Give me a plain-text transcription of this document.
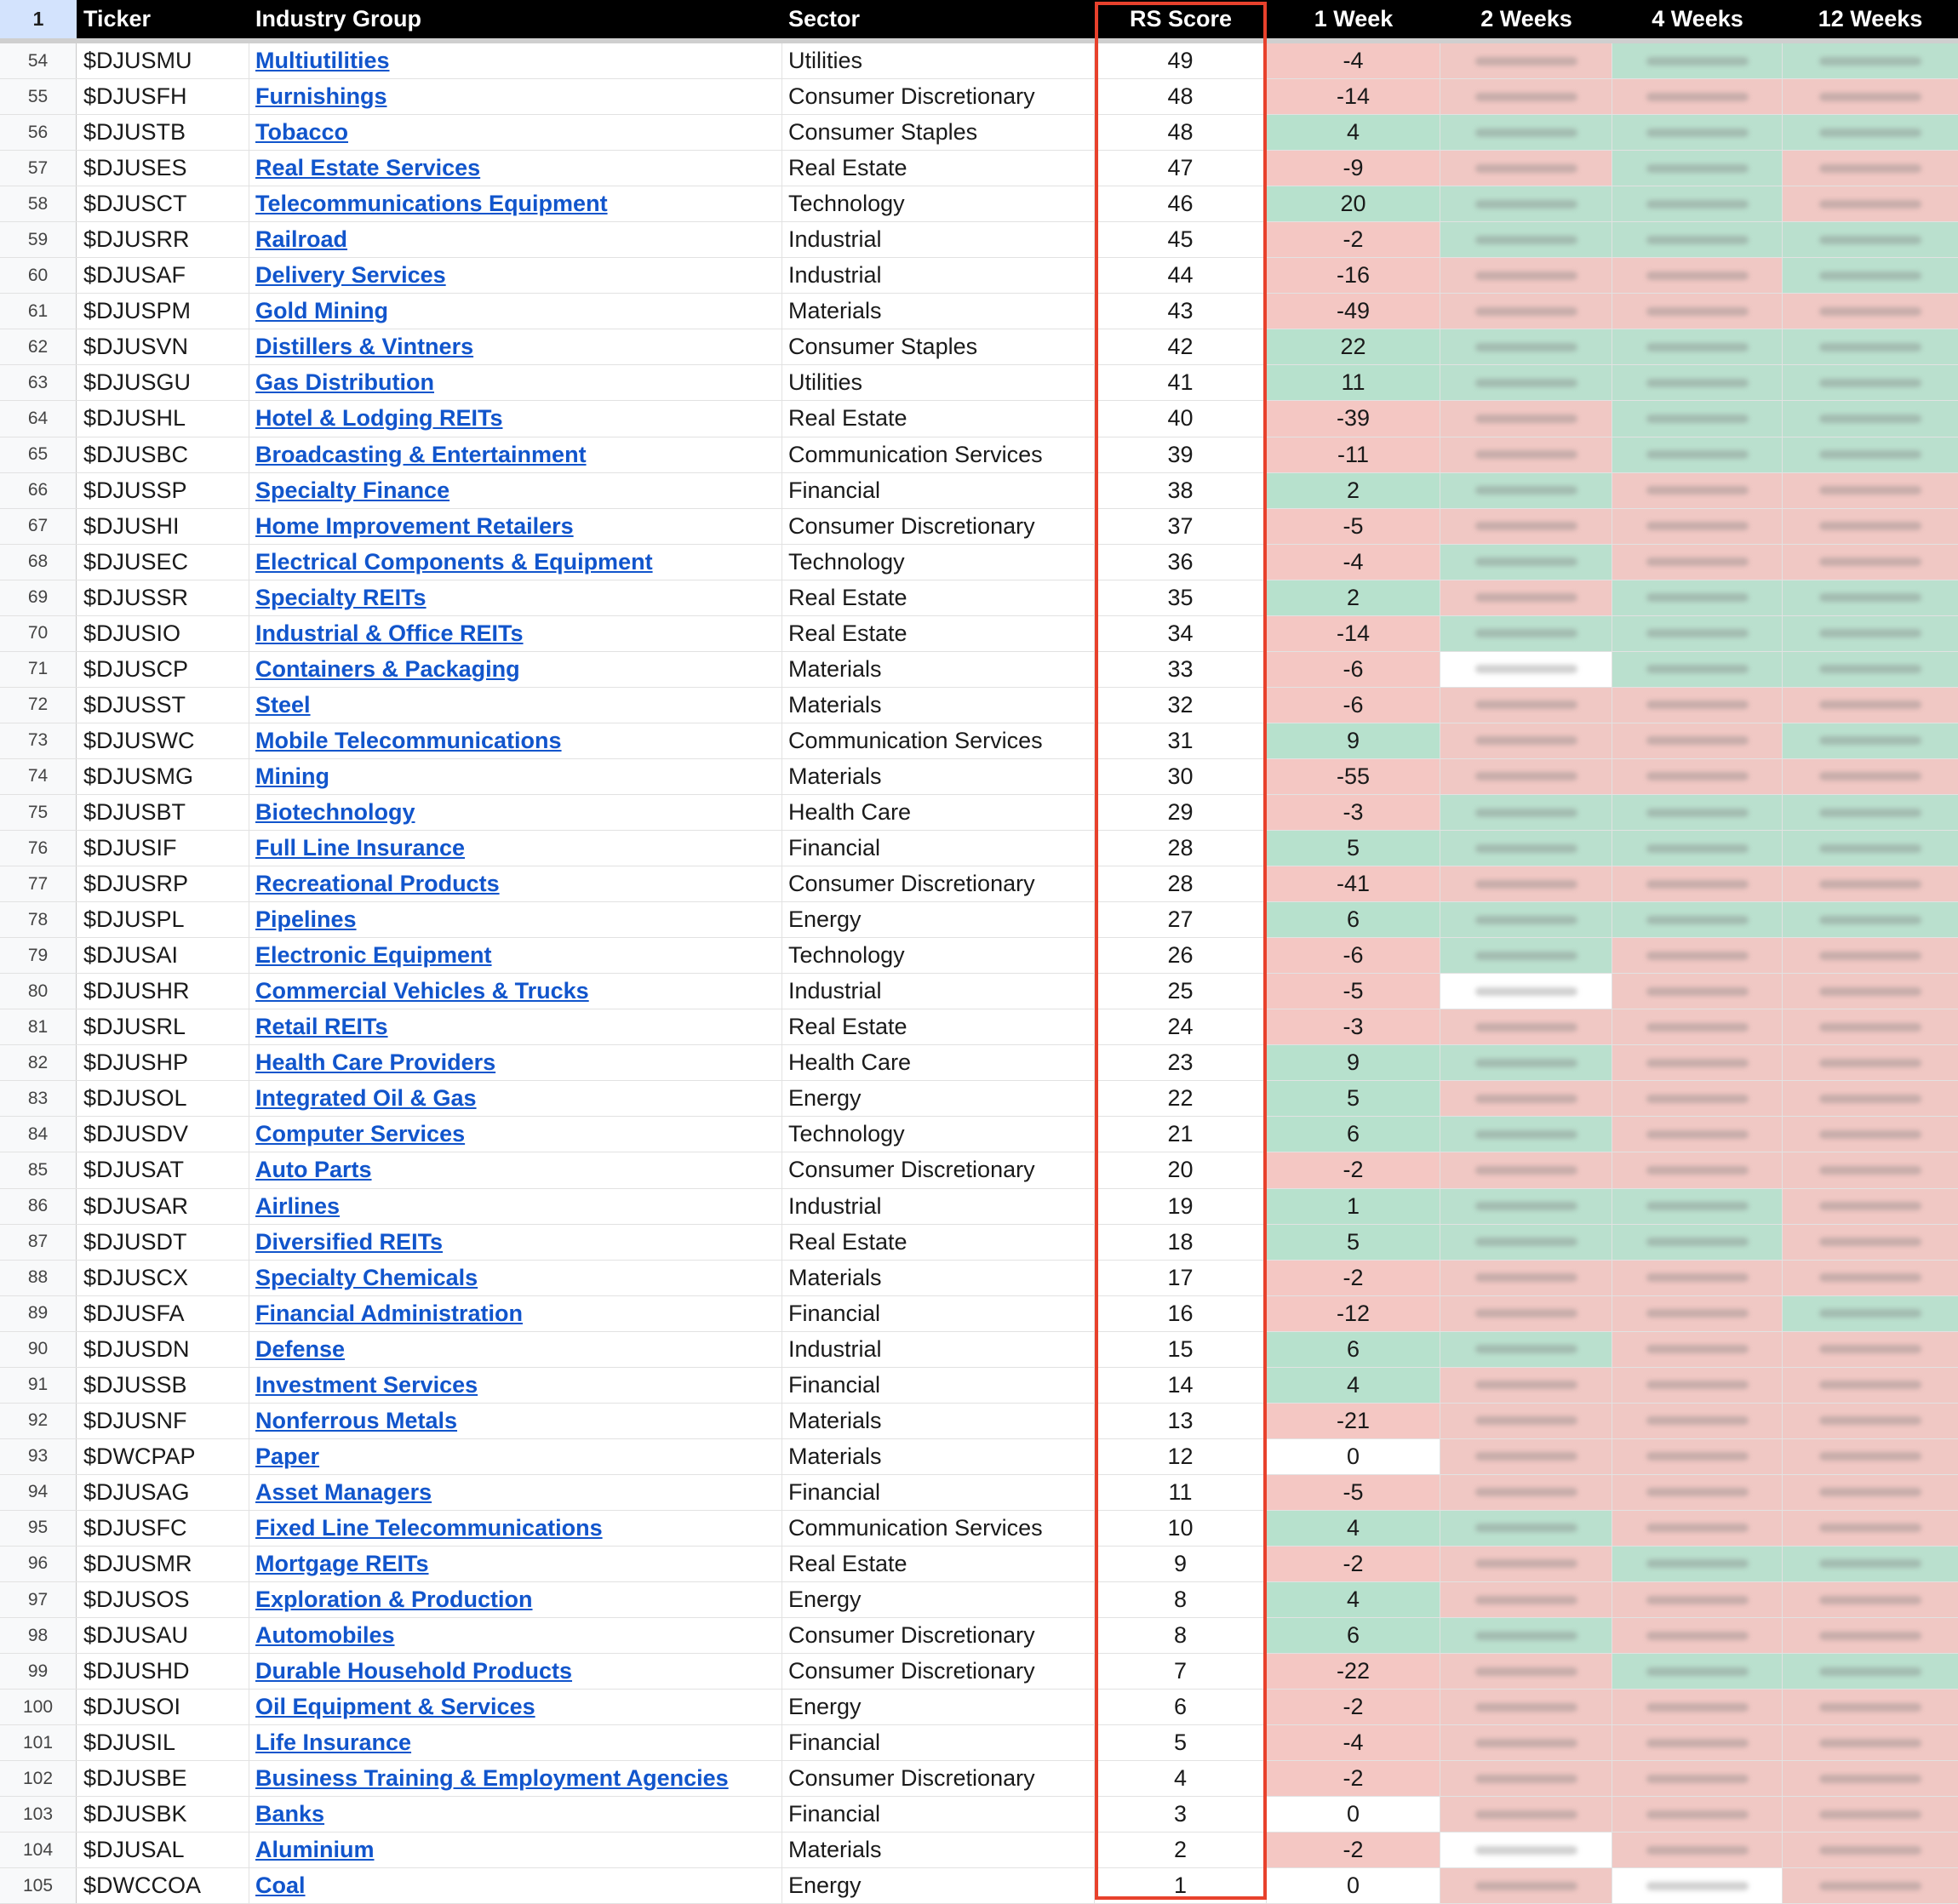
1	Ticker	Industry Group	Sector	RS Score	1 Week	2 Weeks	4 Weeks	12 Weeks
54	$DJUSMU	Multiutilities	Utilities	49	-4
55	$DJUSFH	Furnishings	Consumer Discretionary	48	-14
56	$DJUSTB	Tobacco	Consumer Staples	48	4
57	$DJUSES	Real Estate Services	Real Estate	47	-9
58	$DJUSCT	Telecommunications Equipment	Technology	46	20
59	$DJUSRR	Railroad	Industrial	45	-2
60	$DJUSAF	Delivery Services	Industrial	44	-16
61	$DJUSPM	Gold Mining	Materials	43	-49
62	$DJUSVN	Distillers & Vintners	Consumer Staples	42	22
63	$DJUSGU	Gas Distribution	Utilities	41	11
64	$DJUSHL	Hotel & Lodging REITs	Real Estate	40	-39
65	$DJUSBC	Broadcasting & Entertainment	Communication Services	39	-11
66	$DJUSSP	Specialty Finance	Financial	38	2
67	$DJUSHI	Home Improvement Retailers	Consumer Discretionary	37	-5
68	$DJUSEC	Electrical Components & Equipment	Technology	36	-4
69	$DJUSSR	Specialty REITs	Real Estate	35	2
70	$DJUSIO	Industrial & Office REITs	Real Estate	34	-14
71	$DJUSCP	Containers & Packaging	Materials	33	-6
72	$DJUSST	Steel	Materials	32	-6
73	$DJUSWC	Mobile Telecommunications	Communication Services	31	9
74	$DJUSMG	Mining	Materials	30	-55
75	$DJUSBT	Biotechnology	Health Care	29	-3
76	$DJUSIF	Full Line Insurance	Financial	28	5
77	$DJUSRP	Recreational Products	Consumer Discretionary	28	-41
78	$DJUSPL	Pipelines	Energy	27	6
79	$DJUSAI	Electronic Equipment	Technology	26	-6
80	$DJUSHR	Commercial Vehicles & Trucks	Industrial	25	-5
81	$DJUSRL	Retail REITs	Real Estate	24	-3
82	$DJUSHP	Health Care Providers	Health Care	23	9
83	$DJUSOL	Integrated Oil & Gas	Energy	22	5
84	$DJUSDV	Computer Services	Technology	21	6
85	$DJUSAT	Auto Parts	Consumer Discretionary	20	-2
86	$DJUSAR	Airlines	Industrial	19	1
87	$DJUSDT	Diversified REITs	Real Estate	18	5
88	$DJUSCX	Specialty Chemicals	Materials	17	-2
89	$DJUSFA	Financial Administration	Financial	16	-12
90	$DJUSDN	Defense	Industrial	15	6
91	$DJUSSB	Investment Services	Financial	14	4
92	$DJUSNF	Nonferrous Metals	Materials	13	-21
93	$DWCPAP	Paper	Materials	12	0
94	$DJUSAG	Asset Managers	Financial	11	-5
95	$DJUSFC	Fixed Line Telecommunications	Communication Services	10	4
96	$DJUSMR	Mortgage REITs	Real Estate	9	-2
97	$DJUSOS	Exploration & Production	Energy	8	4
98	$DJUSAU	Automobiles	Consumer Discretionary	8	6
99	$DJUSHD	Durable Household Products	Consumer Discretionary	7	-22
100	$DJUSOI	Oil Equipment & Services	Energy	6	-2
101	$DJUSIL	Life Insurance	Financial	5	-4
102	$DJUSBE	Business Training & Employment Agencies	Consumer Discretionary	4	-2
103	$DJUSBK	Banks	Financial	3	0
104	$DJUSAL	Aluminium	Materials	2	-2
105	$DWCCOA	Coal	Energy	1	0
